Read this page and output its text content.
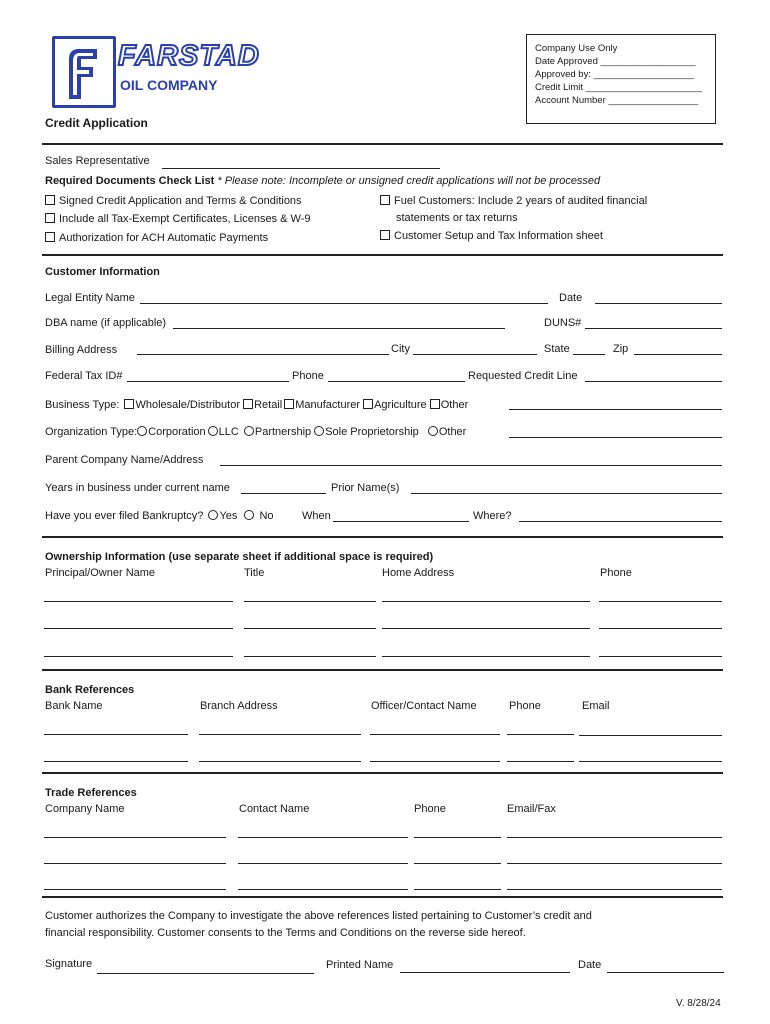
FARSTAD
OIL COMPANY
Company Use Only
Date Approved __________________
Approved by: ___________________
Credit Limit ______________________
Account Number _________________
Credit Application
Sales Representative
Required Documents Check List * Please note: Incomplete or unsigned credit applications will not be processed
Signed Credit Application and Terms & Conditions
Include all Tax-Exempt Certificates, Licenses & W-9
Authorization for ACH Automatic Payments
Fuel Customers: Include 2 years of audited financial
statements or tax returns
Customer Setup and Tax Information sheet
Customer Information
Legal Entity Name	Date
DBA name (if applicable)	DUNS#
Billing Address	City	State	Zip
Federal Tax ID#	Phone	Requested Credit Line
Business Type: Wholesale/Distributor Retail Manufacturer Agriculture Other
Organization Type: Corporation LLC Partnership Sole Proprietorship Other
Parent Company Name/Address
Years in business under current name	Prior Name(s)
Have you ever filed Bankruptcy? Yes No	When	Where?
Ownership Information (use separate sheet if additional space is required)
Principal/Owner Name	Title	Home Address	Phone
Bank References
Bank Name	Branch Address	Officer/Contact Name	Phone	Email
Trade References
Company Name	Contact Name	Phone	Email/Fax
Customer authorizes the Company to investigate the above references listed pertaining to Customer’s credit and
financial responsibility. Customer consents to the Terms and Conditions on the reverse side hereof.
Signature	Printed Name	Date
V. 8/28/24
